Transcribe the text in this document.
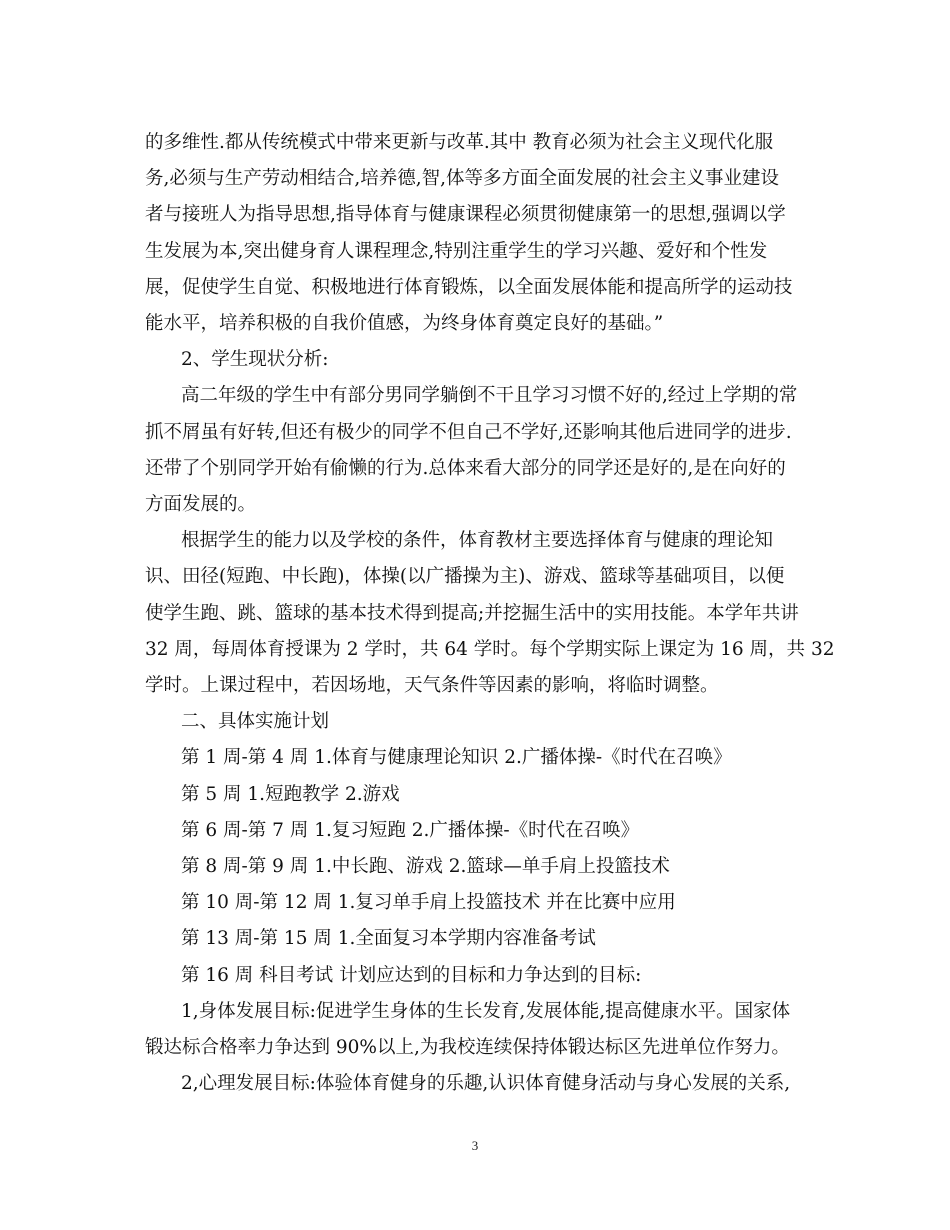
的多维性.都从传统模式中带来更新与改革.其中 教育必须为社会主义现代化服

务,必须与生产劳动相结合,培养德,智,体等多方面全面发展的社会主义事业建设

者与接班人为指导思想,指导体育与健康课程必须贯彻健康第一的思想,强调以学

生发展为本,突出健身育人课程理念,特别注重学生的学习兴趣、爱好和个性发

展，促使学生自觉、积极地进行体育锻炼，以全面发展体能和提高所学的运动技

能水平，培养积极的自我价值感，为终身体育奠定良好的基础。”

2、学生现状分析:

高二年级的学生中有部分男同学躺倒不干且学习习惯不好的,经过上学期的常

抓不屑虽有好转,但还有极少的同学不但自己不学好,还影响其他后进同学的进步.

还带了个别同学开始有偷懒的行为.总体来看大部分的同学还是好的,是在向好的

方面发展的。

根据学生的能力以及学校的条件，体育教材主要选择体育与健康的理论知

识、田径(短跑、中长跑)，体操(以广播操为主)、游戏、篮球等基础项目，以便

使学生跑、跳、篮球的基本技术得到提高;并挖掘生活中的实用技能。本学年共讲

32 周，每周体育授课为 2 学时，共 64 学时。每个学期实际上课定为 16 周，共 32

学时。上课过程中，若因场地，天气条件等因素的影响，将临时调整。

二、具体实施计划

第 1 周-第 4 周 1.体育与健康理论知识 2.广播体操-《时代在召唤》

第 5 周 1.短跑教学 2.游戏

第 6 周-第 7 周 1.复习短跑 2.广播体操-《时代在召唤》

第 8 周-第 9 周 1.中长跑、游戏 2.篮球—单手肩上投篮技术

第 10 周-第 12 周 1.复习单手肩上投篮技术 并在比赛中应用

第 13 周-第 15 周 1.全面复习本学期内容准备考试

第 16 周 科目考试 计划应达到的目标和力争达到的目标:

1,身体发展目标:促进学生身体的生长发育,发展体能,提高健康水平。国家体

锻达标合格率力争达到 90%以上,为我校连续保持体锻达标区先进单位作努力。

2,心理发展目标:体验体育健身的乐趣,认识体育健身活动与身心发展的关系,

3
